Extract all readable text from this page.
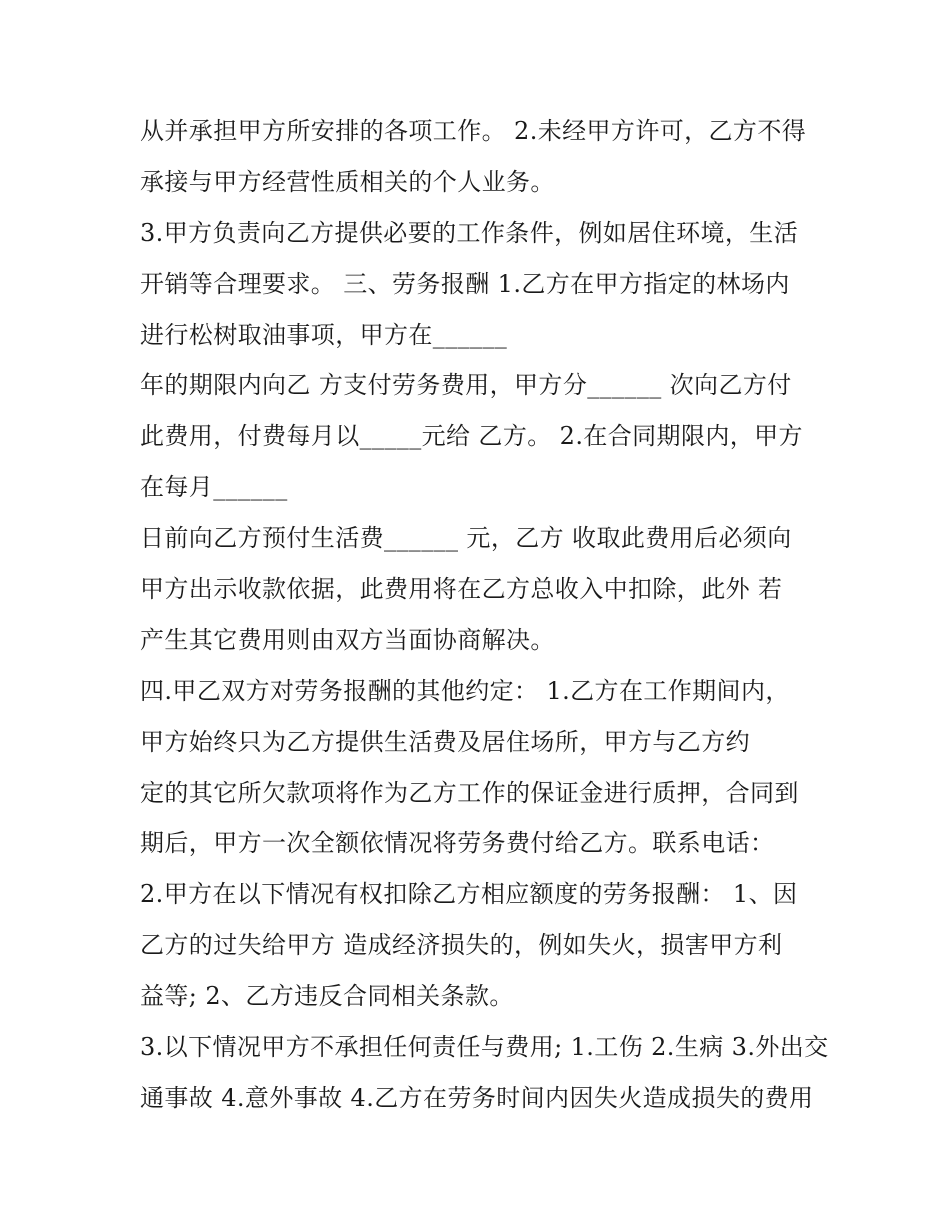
从并承担甲方所安排的各项工作。 2.未经甲方许可，乙方不得
承接与甲方经营性质相关的个人业务。
3.甲方负责向乙方提供必要的工作条件，例如居住环境，生活
开销等合理要求。 三、劳务报酬 1.乙方在甲方指定的林场内
进行松树取油事项，甲方在______
年的期限内向乙 方支付劳务费用，甲方分______ 次向乙方付
此费用，付费每月以_____元给 乙方。 2.在合同期限内，甲方
在每月______
日前向乙方预付生活费______ 元，乙方 收取此费用后必须向
甲方出示收款依据，此费用将在乙方总收入中扣除，此外 若
产生其它费用则由双方当面协商解决。
四.甲乙双方对劳务报酬的其他约定： 1.乙方在工作期间内，
甲方始终只为乙方提供生活费及居住场所，甲方与乙方约
定的其它所欠款项将作为乙方工作的保证金进行质押，合同到
期后，甲方一次全额依情况将劳务费付给乙方。联系电话：
2.甲方在以下情况有权扣除乙方相应额度的劳务报酬： 1、因
乙方的过失给甲方 造成经济损失的，例如失火，损害甲方利
益等; 2、乙方违反合同相关条款。
3.以下情况甲方不承担任何责任与费用; 1.工伤 2.生病 3.外出交
通事故 4.意外事故 4.乙方在劳务时间内因失火造成损失的费用
